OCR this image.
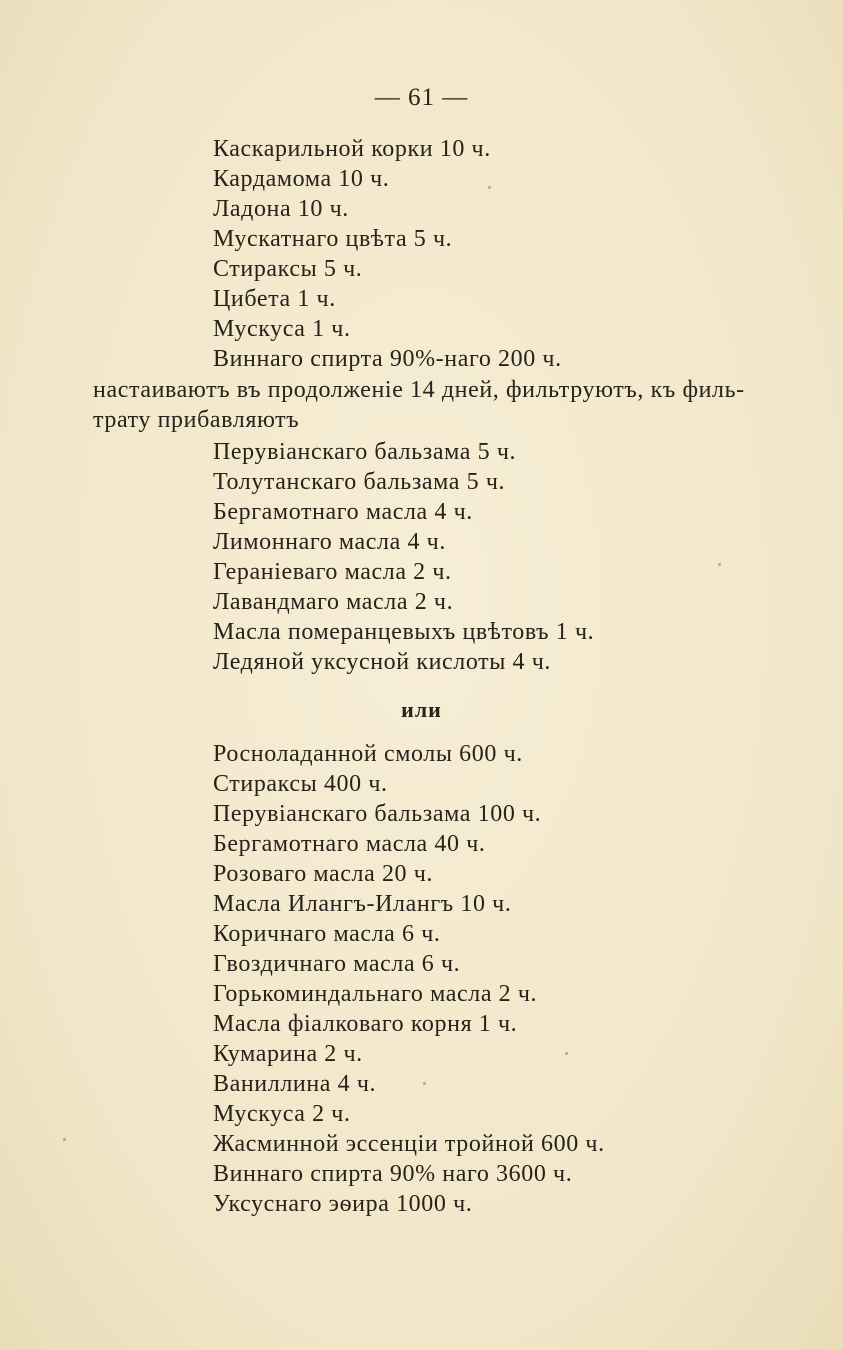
— 61 —
Каскарильной корки 10 ч.
Кардамома 10 ч.
Ладона 10 ч.
Мускатнаго цвѣта 5 ч.
Стираксы 5 ч.
Цибета 1 ч.
Мускуса 1 ч.
Виннаго спирта 90%-наго 200 ч.
настаиваютъ въ продолженіе 14 дней, фильтруютъ, къ филь-
трату прибавляютъ
Перувіанскаго бальзама 5 ч.
Толутанскаго бальзама 5 ч.
Бергамотнаго масла 4 ч.
Лимоннаго масла 4 ч.
Гераніеваго масла 2 ч.
Лавандмаго масла 2 ч.
Масла померанцевыхъ цвѣтовъ 1 ч.
Ледяной уксусной кислоты 4 ч.
или
Росноладанной смолы 600 ч.
Стираксы 400 ч.
Перувіанскаго бальзама 100 ч.
Бергамотнаго масла 40 ч.
Розоваго масла 20 ч.
Масла Илангъ-Илангъ 10 ч.
Коричнаго масла 6 ч.
Гвоздичнаго масла 6 ч.
Горькоминдальнаго масла 2 ч.
Масла фіалковаго корня 1 ч.
Кумарина 2 ч.
Ваниллина 4 ч.
Мускуса 2 ч.
Жасминной эссенціи тройной 600 ч.
Виннаго спирта 90% наго 3600 ч.
Уксуснаго эѳира 1000 ч.
